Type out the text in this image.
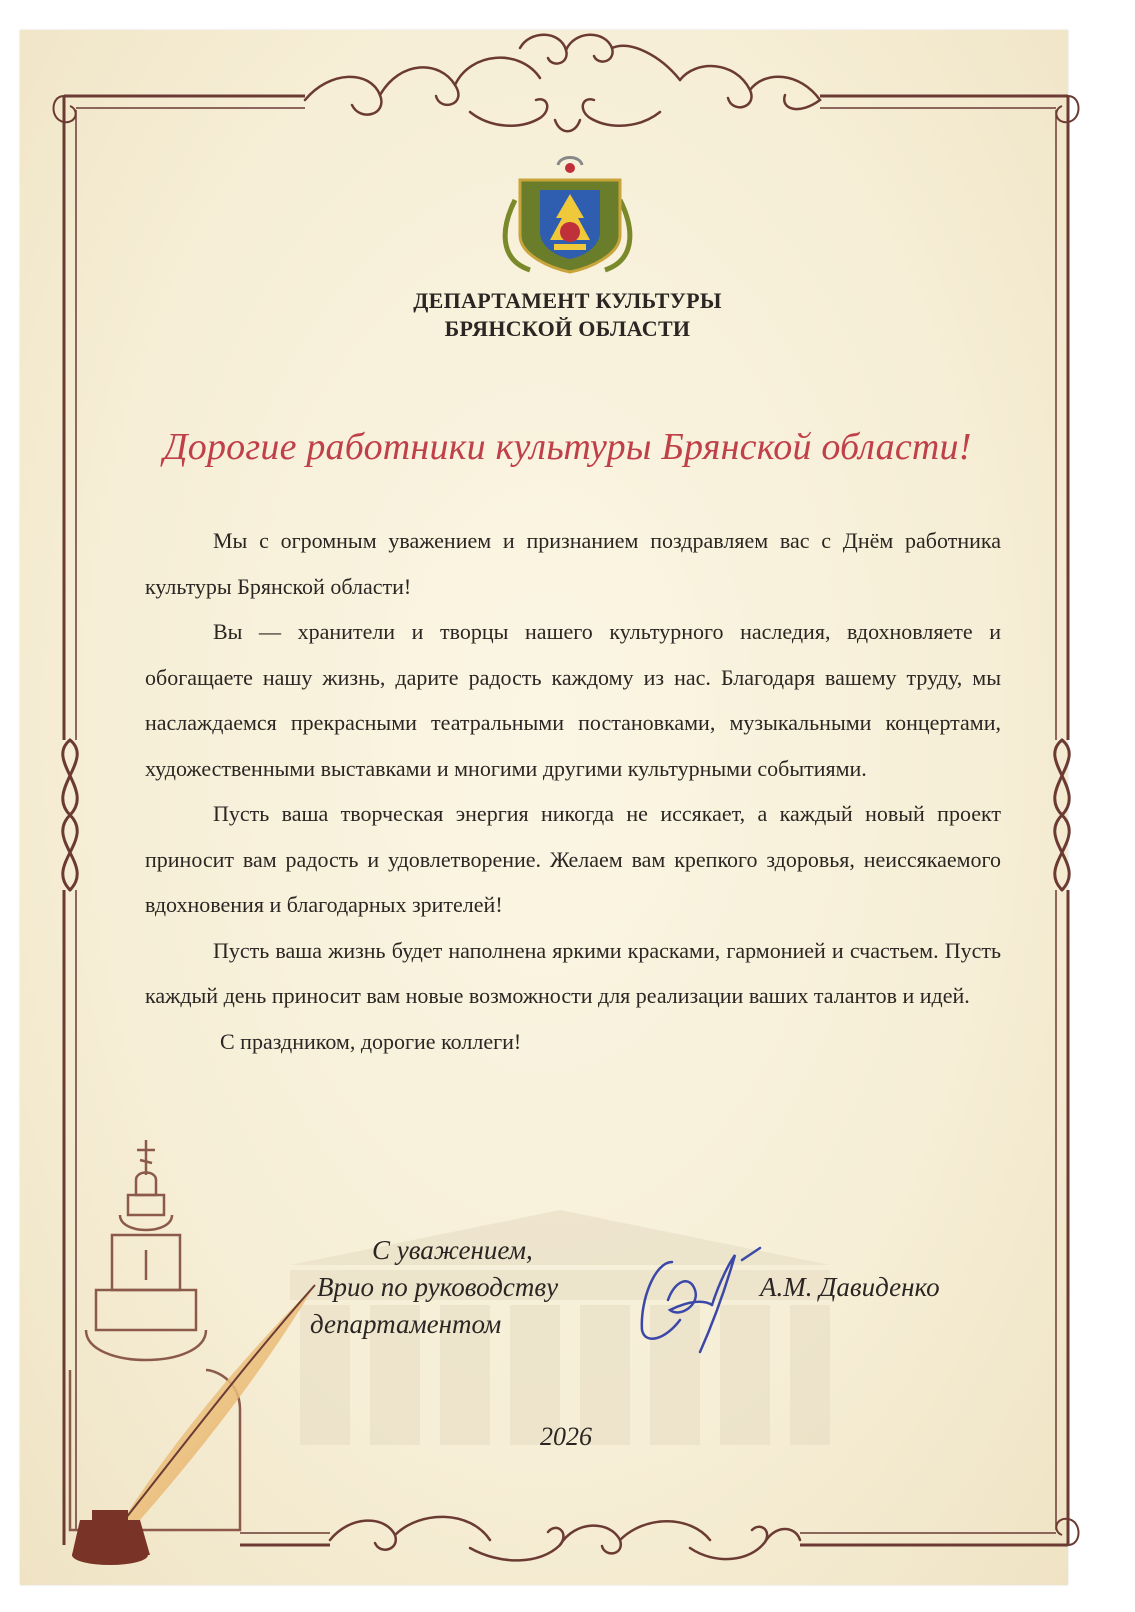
ДЕПАРТАМЕНТ КУЛЬТУРЫ
БРЯНСКОЙ ОБЛАСТИ
Дорогие работники культуры Брянской области!

Мы с огромным уважением и признанием поздравляем вас с Днём работника культуры Брянской области!

Вы — хранители и творцы нашего культурного наследия, вдохновляете и обогащаете нашу жизнь, дарите радость каждому из нас. Благодаря вашему труду, мы наслаждаемся прекрасными театральными постановками, музыкальными концертами, художественными выставками и многими другими культурными событиями.

Пусть ваша творческая энергия никогда не иссякает, а каждый новый проект приносит вам радость и удовлетворение. Желаем вам крепкого здоровья, неиссякаемого вдохновения и благодарных зрителей!

Пусть ваша жизнь будет наполнена яркими красками, гармонией и счастьем. Пусть каждый день приносит вам новые возможности для реализации ваших талантов и идей.

С праздником, дорогие коллеги!

С уважением,
Врио по руководству
департаментом
А.М. Давиденко
2026
